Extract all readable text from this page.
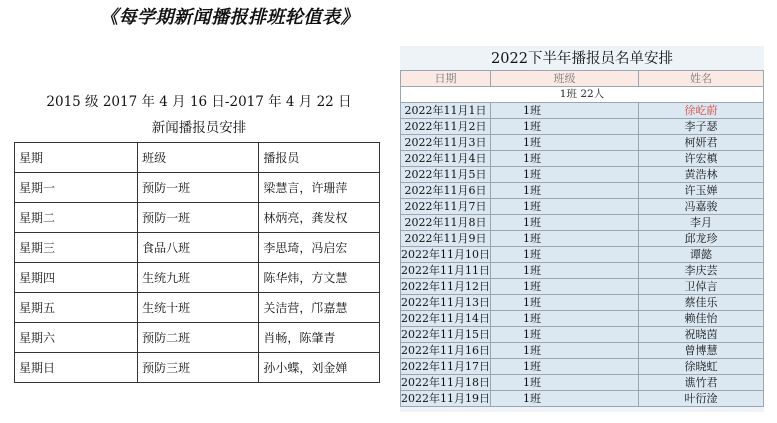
《每学期新闻播报排班轮值表》
2015 级 2017 年 4 月 16 日-2017 年 4 月 22 日
新闻播报员安排
星期	班级	播报员
星期一	预防一班	梁慧言，许珊萍
星期二	预防一班	林炳亮，龚发权
星期三	食品八班	李思琦，冯启宏
星期四	生统九班	陈华炜，方文慧
星期五	生统十班	关洁营，邝嘉慧
星期六	预防二班	肖畅，陈肇青
星期日	预防三班	孙小蝶，刘金婵
2022下半年播报员名单安排
日期	班级	姓名
1班 22人		
2022年11月1日	1班	徐屹蔚
2022年11月2日	1班	李子瑟
2022年11月3日	1班	柯妍君
2022年11月4日	1班	许宏槙
2022年11月5日	1班	黄浩林
2022年11月6日	1班	许玉婵
2022年11月7日	1班	冯嘉骏
2022年11月8日	1班	李月
2022年11月9日	1班	邱龙珍
2022年11月10日	1班	谭懿
2022年11月11日	1班	李庆芸
2022年11月12日	1班	卫倬言
2022年11月13日	1班	蔡佳乐
2022年11月14日	1班	赖佳怡
2022年11月15日	1班	祝晓茵
2022年11月16日	1班	曾博慧
2022年11月17日	1班	徐晓虹
2022年11月18日	1班	谯竹君
2022年11月19日	1班	叶衍淦
